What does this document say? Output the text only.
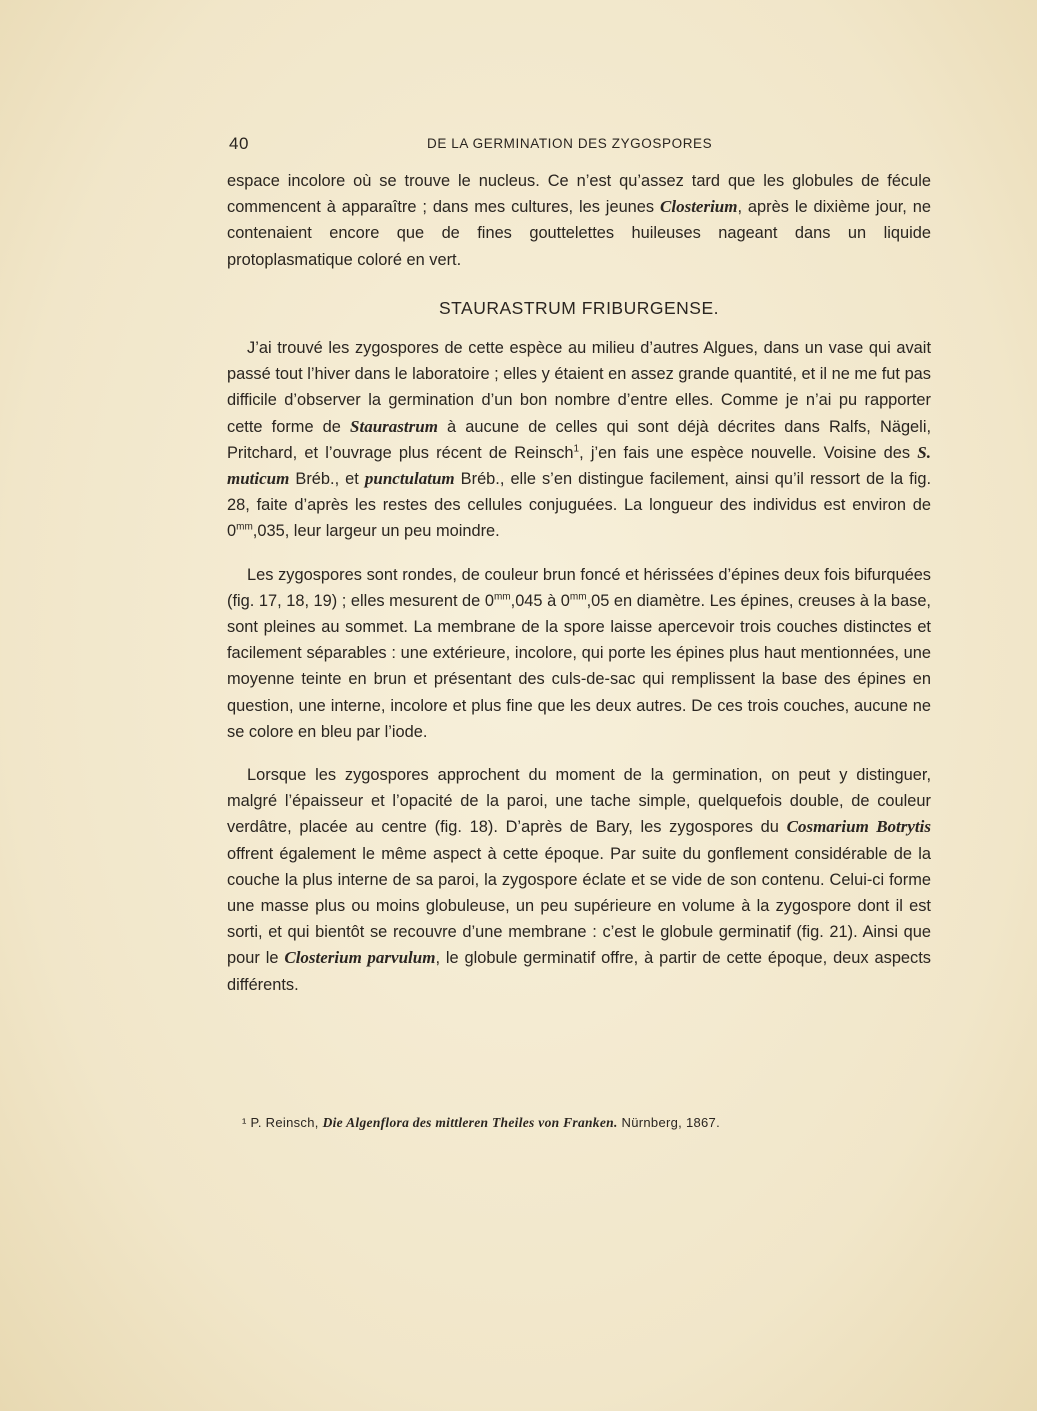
40	DE LA GERMINATION DES ZYGOSPORES

espace incolore où se trouve le nucleus. Ce n’est qu’assez tard que les globules de fécule commencent à apparaître ; dans mes cultures, les jeunes Closterium, après le dixième jour, ne contenaient encore que de fines gouttelettes huileuses nageant dans un liquide protoplasmatique coloré en vert.

STAURASTRUM FRIBURGENSE.

J’ai trouvé les zygospores de cette espèce au milieu d’autres Algues, dans un vase qui avait passé tout l’hiver dans le laboratoire ; elles y étaient en assez grande quantité, et il ne me fut pas difficile d’observer la germination d’un bon nombre d’entre elles. Comme je n’ai pu rapporter cette forme de Staurastrum à aucune de celles qui sont déjà décrites dans Ralfs, Nägeli, Pritchard, et l’ouvrage plus récent de Reinsch$^1$, j’en fais une espèce nouvelle. Voisine des S. muticum Bréb., et punctulatum Bréb., elle s’en distingue facilement, ainsi qu’il ressort de la fig. 28, faite d’après les restes des cellules conjuguées. La longueur des individus est environ de $0^{mm},035$, leur largeur un peu moindre.

Les zygospores sont rondes, de couleur brun foncé et hérissées d’épines deux fois bifurquées (fig. 17, 18, 19) ; elles mesurent de $0^{mm},045$ à $0^{mm},05$ en diamètre. Les épines, creuses à la base, sont pleines au sommet. La membrane de la spore laisse apercevoir trois couches distinctes et facilement séparables : une extérieure, incolore, qui porte les épines plus haut mentionnées, une moyenne teinte en brun et présentant des culs-de-sac qui remplissent la base des épines en question, une interne, incolore et plus fine que les deux autres. De ces trois couches, aucune ne se colore en bleu par l’iode.

Lorsque les zygospores approchent du moment de la germination, on peut y distinguer, malgré l’épaisseur et l’opacité de la paroi, une tache simple, quelquefois double, de couleur verdâtre, placée au centre (fig. 18). D’après de Bary, les zygospores du Cosmarium Botrytis offrent également le même aspect à cette époque. Par suite du gonflement considérable de la couche la plus interne de sa paroi, la zygospore éclate et se vide de son contenu. Celui-ci forme une masse plus ou moins globuleuse, un peu supérieure en volume à la zygospore dont il est sorti, et qui bientôt se recouvre d’une membrane : c’est le globule germinatif (fig. 21). Ainsi que pour le Closterium parvulum, le globule germinatif offre, à partir de cette époque, deux aspects différents.

¹ P. Reinsch, Die Algenflora des mittleren Theiles von Franken. Nürnberg, 1867.
